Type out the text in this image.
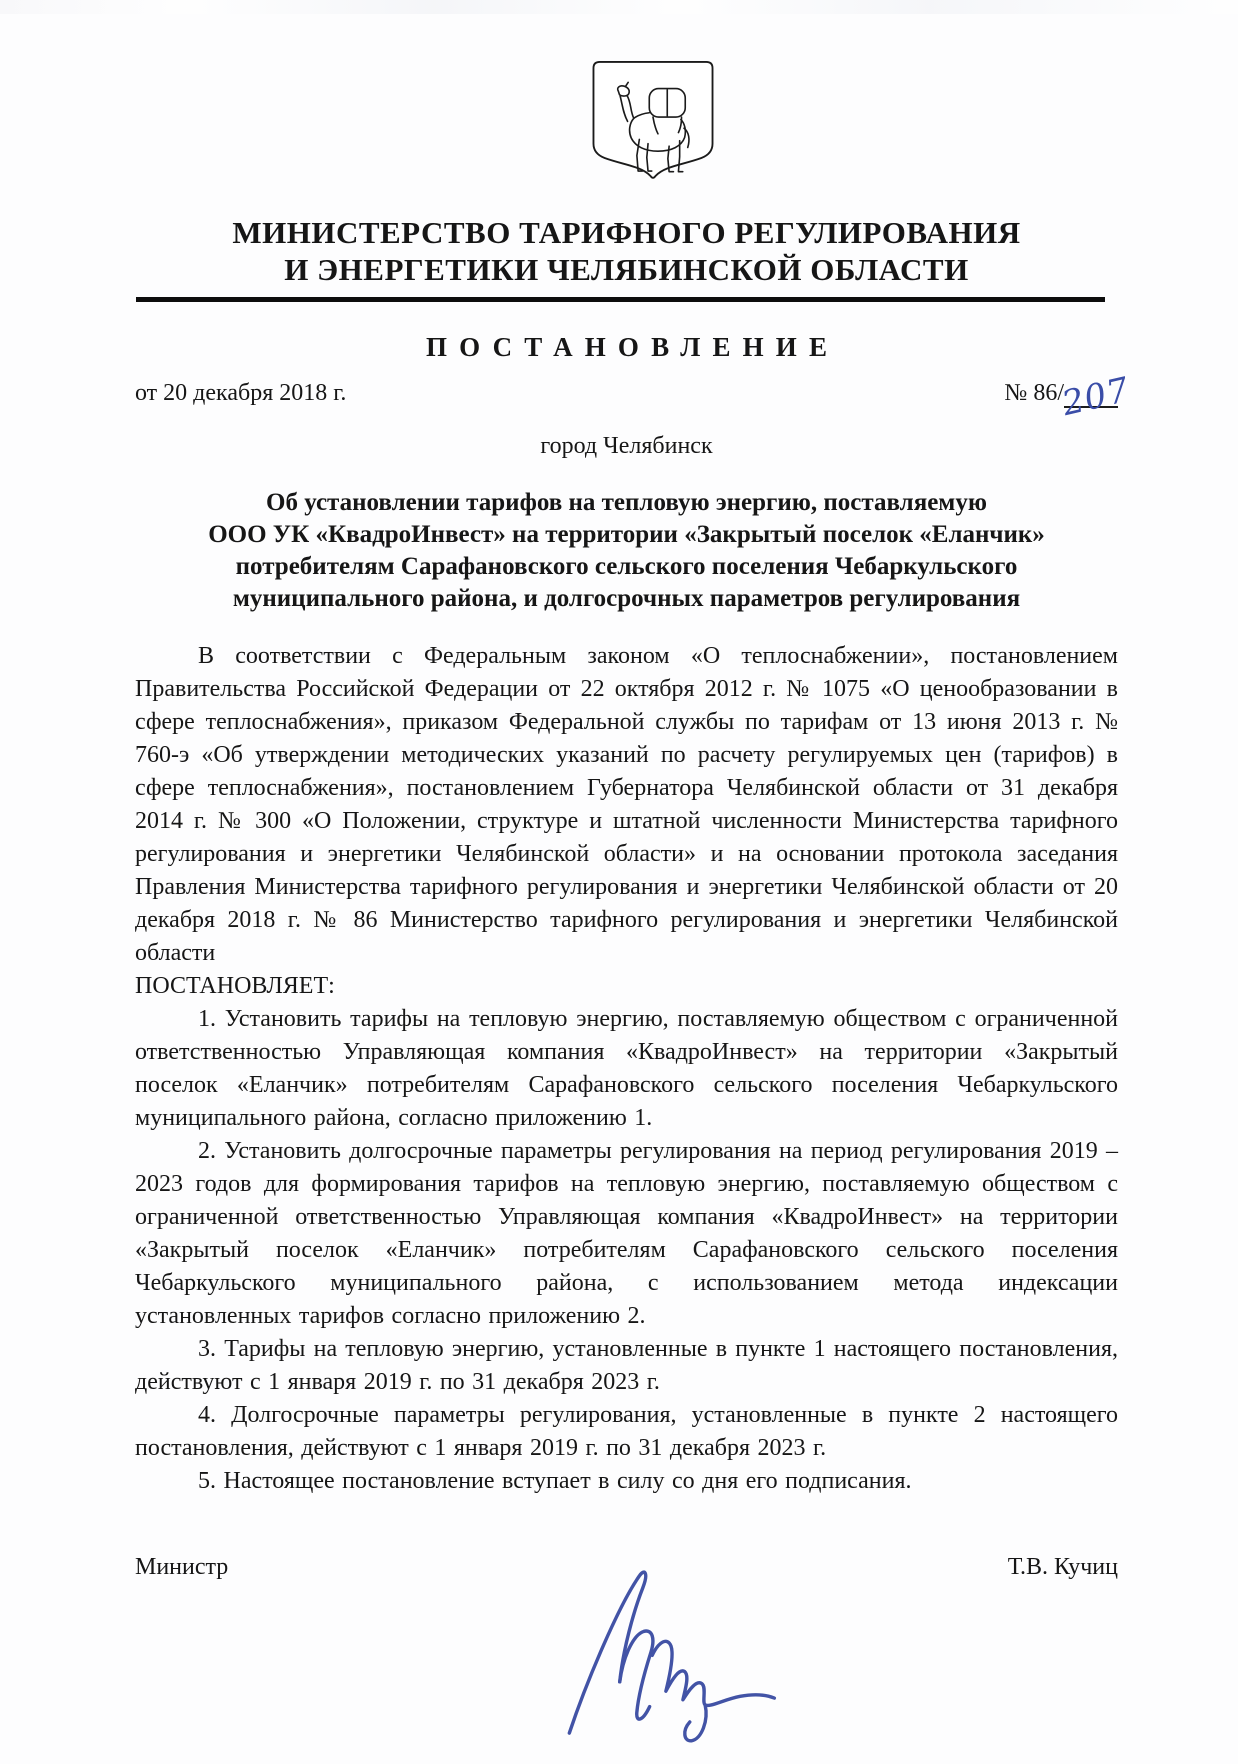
МИНИСТЕРСТВО ТАРИФНОГО РЕГУЛИРОВАНИЯ
И ЭНЕРГЕТИКИ ЧЕЛЯБИНСКОЙ ОБЛАСТИ
ПОСТАНОВЛЕНИЕ
от 20 декабря 2018 г.	№ 86/
207
город Челябинск
Об установлении тарифов на тепловую энергию, поставляемую
ООО УК «КвадроИнвест» на территории «Закрытый поселок «Еланчик»
потребителям Сарафановского сельского поселения Чебаркульского
муниципального района, и долгосрочных параметров регулирования

В соответствии с Федеральным законом «О теплоснабжении», постановлением Правительства Российской Федерации от 22 октября 2012 г. № 1075 «О ценообразовании в сфере теплоснабжения», приказом Федеральной службы по тарифам от 13 июня 2013 г. № 760-э «Об утверждении методических указаний по расчету регулируемых цен (тарифов) в сфере теплоснабжения», постановлением Губернатора Челябинской области от 31 декабря 2014 г. № 300 «О Положении, структуре и штатной численности Министерства тарифного регулирования и энергетики Челябинской области» и на основании протокола заседания Правления Министерства тарифного регулирования и энергетики Челябинской области от 20 декабря 2018 г. № 86 Министерство тарифного регулирования и энергетики Челябинской области

ПОСТАНОВЛЯЕТ:

1. Установить тарифы на тепловую энергию, поставляемую обществом с ограниченной ответственностью Управляющая компания «КвадроИнвест» на территории «Закрытый поселок «Еланчик» потребителям Сарафановского сельского поселения Чебаркульского муниципального района, согласно приложению 1.

2. Установить долгосрочные параметры регулирования на период регулирования 2019 – 2023 годов для формирования тарифов на тепловую энергию, поставляемую обществом с ограниченной ответственностью Управляющая компания «КвадроИнвест» на территории «Закрытый поселок «Еланчик» потребителям Сарафановского сельского поселения Чебаркульского муниципального района, с использованием метода индексации установленных тарифов согласно приложению 2.

3. Тарифы на тепловую энергию, установленные в пункте 1 настоящего постановления, действуют с 1 января 2019 г. по 31 декабря 2023 г.

4. Долгосрочные параметры регулирования, установленные в пункте 2 настоящего постановления, действуют с 1 января 2019 г. по 31 декабря 2023 г.

5. Настоящее постановление вступает в силу со дня его подписания.

Министр	Т.В. Кучиц
